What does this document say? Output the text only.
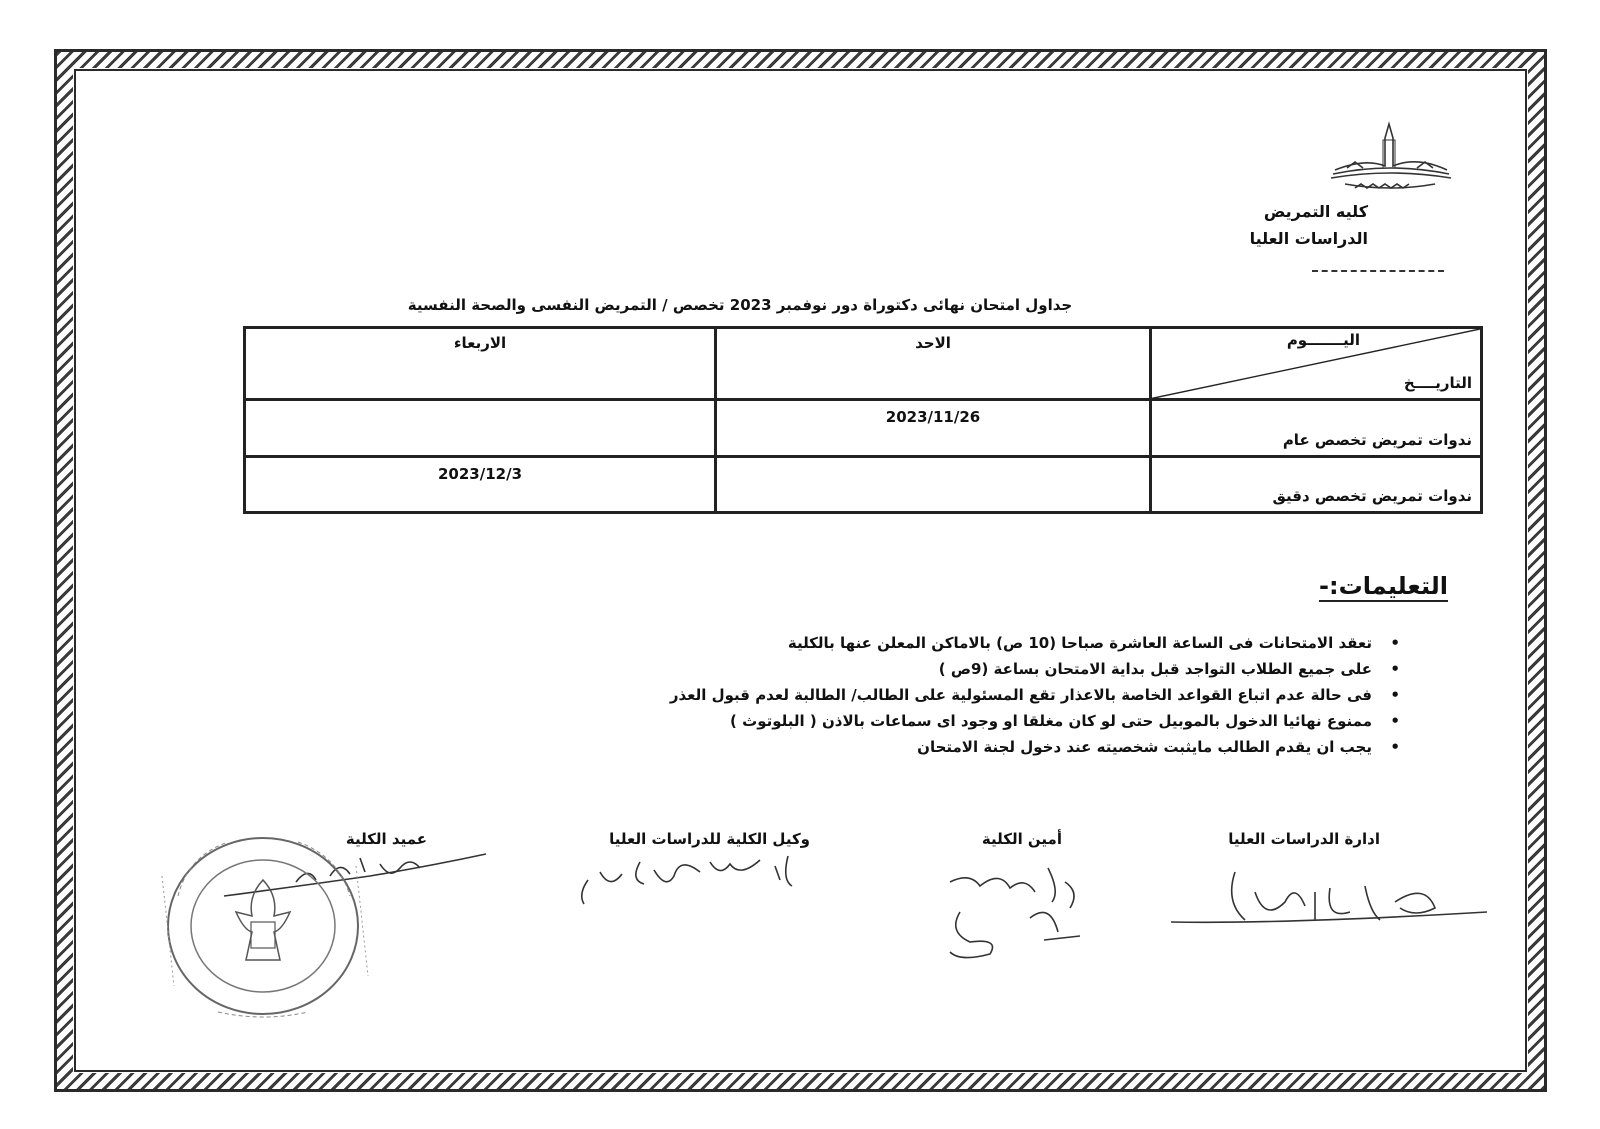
كليه التمريض
الدراسات العليا
جداول امتحان نهائى دكتوراة دور نوفمبر 2023 تخصص / التمريض النفسى والصحة النفسية
اليـــــــوم
التاريــــخ	الاحد	الاربعاء

ندوات تمريض تخصص عام	2023/11/26	

ندوات تمريض تخصص دقيق		2023/12/3
التعليمات:-
•
تعقد الامتحانات فى الساعة العاشرة صباحا (10 ص) بالاماكن المعلن عنها بالكلية
•
على جميع الطلاب التواجد قبل بداية الامتحان بساعة (9ص )
•
فى حالة عدم اتباع القواعد الخاصة بالاعذار تقع المسئولية على الطالب/ الطالبة لعدم قبول العذر
•
ممنوع نهائيا الدخول بالموبيل حتى لو كان مغلقا او وجود اى سماعات بالاذن ( البلوتوث )
•
يجب ان يقدم الطالب مايثبت شخصيته عند دخول لجنة الامتحان
ادارة الدراسات العليا
أمين الكلية
وكيل الكلية للدراسات العليا
عميد الكلية
